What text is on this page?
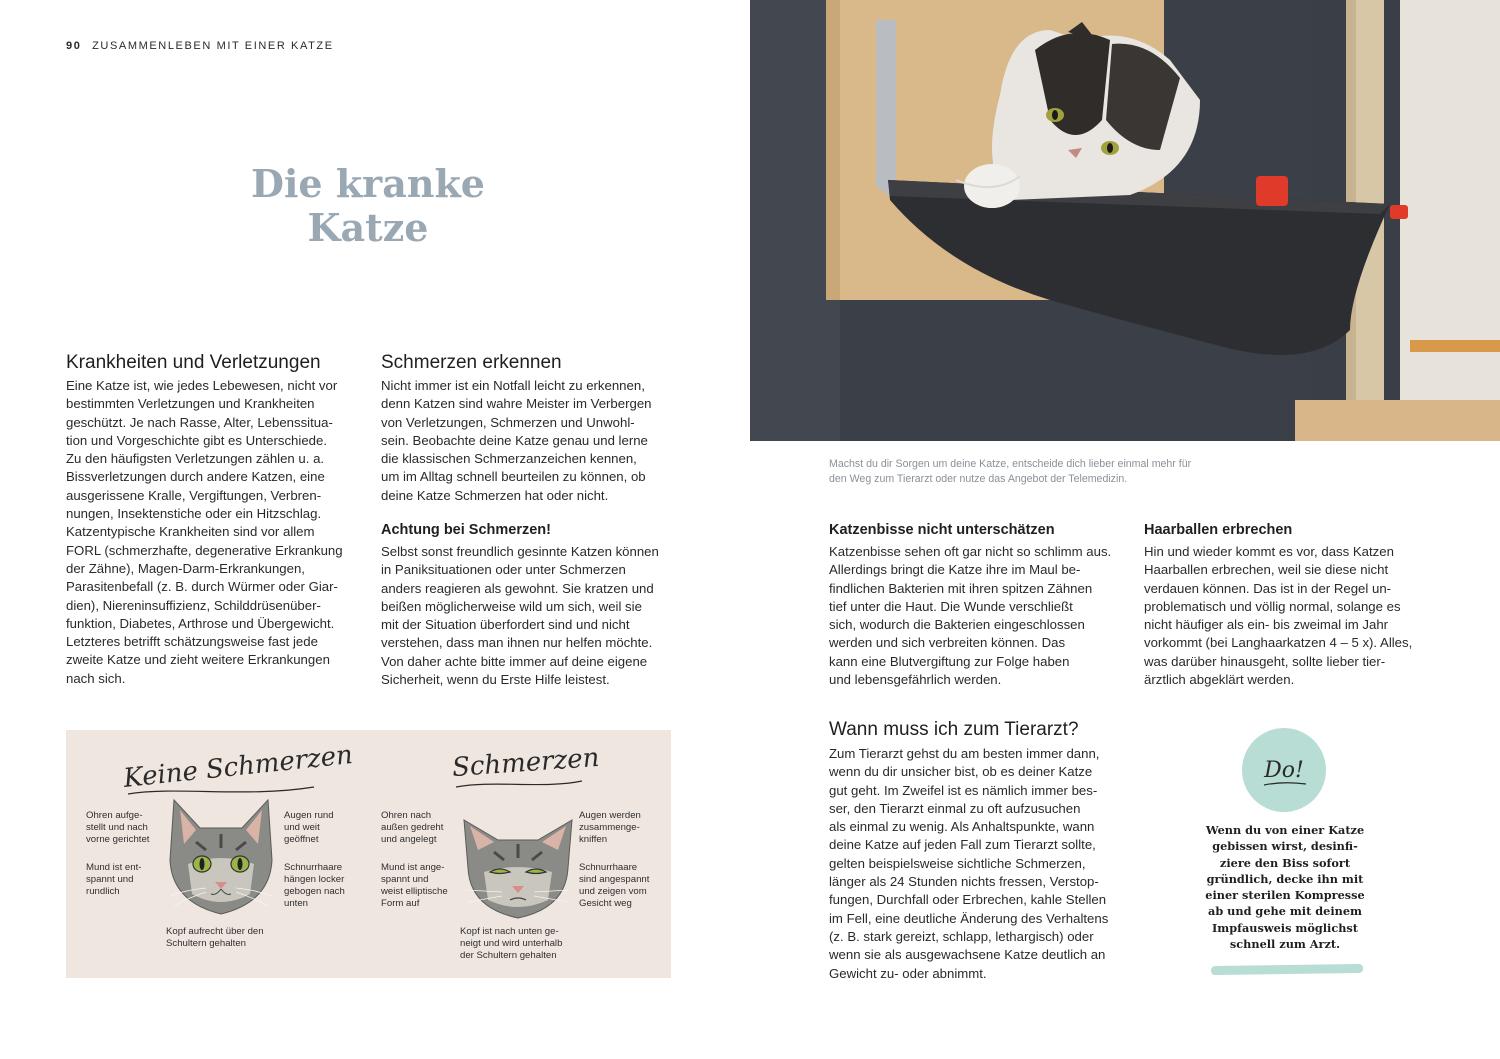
90 ZUSAMMENLEBEN MIT EINER KATZE
Die kranke
Katze
Krankheiten und Verletzungen
Eine Katze ist, wie jedes Lebewesen, nicht vor
bestimmten Verletzungen und Krankheiten
geschützt. Je nach Rasse, Alter, Lebenssitua-
tion und Vorgeschichte gibt es Unterschiede.
Zu den häufigsten Verletzungen zählen u. a.
Bissverletzungen durch andere Katzen, eine
ausgerissene Kralle, Vergiftungen, Verbren-
nungen, Insektenstiche oder ein Hitzschlag.
Katzentypische Krankheiten sind vor allem
FORL (schmerzhafte, degenerative Erkrankung
der Zähne), Magen-Darm-Erkrankungen,
Parasitenbefall (z. B. durch Würmer oder Giar-
dien), Niereninsuffizienz, Schilddrüsenüber-
funktion, Diabetes, Arthrose und Übergewicht.
Letzteres betrifft schätzungsweise fast jede
zweite Katze und zieht weitere Erkrankungen
nach sich.
Schmerzen erkennen
Nicht immer ist ein Notfall leicht zu erkennen,
denn Katzen sind wahre Meister im Verbergen
von Verletzungen, Schmerzen und Unwohl-
sein. Beobachte deine Katze genau und lerne
die klassischen Schmerzanzeichen kennen,
um im Alltag schnell beurteilen zu können, ob
deine Katze Schmerzen hat oder nicht.
Achtung bei Schmerzen!
Selbst sonst freundlich gesinnte Katzen können
in Paniksituationen oder unter Schmerzen
anders reagieren als gewohnt. Sie kratzen und
beißen möglicherweise wild um sich, weil sie
mit der Situation überfordert sind und nicht
verstehen, dass man ihnen nur helfen möchte.
Von daher achte bitte immer auf deine eigene
Sicherheit, wenn du Erste Hilfe leistest.
Keine Schmerzen
Ohren aufge-
stellt und nach
vorne gerichtet
Mund ist ent-
spannt und
rundlich
Augen rund
und weit
geöffnet
Schnurrhaare
hängen locker
gebogen nach
unten
Kopf aufrecht über den
Schultern gehalten
Schmerzen
Ohren nach
außen gedreht
und angelegt
Mund ist ange-
spannt und
weist elliptische
Form auf
Augen werden
zusammenge-
kniffen
Schnurrhaare
sind angespannt
und zeigen vom
Gesicht weg
Kopf ist nach unten ge-
neigt und wird unterhalb
der Schultern gehalten
Machst du dir Sorgen um deine Katze, entscheide dich lieber einmal mehr für
den Weg zum Tierarzt oder nutze das Angebot der Telemedizin.
Katzenbisse nicht unterschätzen
Katzenbisse sehen oft gar nicht so schlimm aus.
Allerdings bringt die Katze ihre im Maul be-
findlichen Bakterien mit ihren spitzen Zähnen
tief unter die Haut. Die Wunde verschließt
sich, wodurch die Bakterien eingeschlossen
werden und sich verbreiten können. Das
kann eine Blutvergiftung zur Folge haben
und lebensgefährlich werden.
Wann muss ich zum Tierarzt?
Zum Tierarzt gehst du am besten immer dann,
wenn du dir unsicher bist, ob es deiner Katze
gut geht. Im Zweifel ist es nämlich immer bes-
ser, den Tierarzt einmal zu oft aufzusuchen
als einmal zu wenig. Als Anhaltspunkte, wann
deine Katze auf jeden Fall zum Tierarzt sollte,
gelten beispielsweise sichtliche Schmerzen,
länger als 24 Stunden nichts fressen, Verstop-
fungen, Durchfall oder Erbrechen, kahle Stellen
im Fell, eine deutliche Änderung des Verhaltens
(z. B. stark gereizt, schlapp, lethargisch) oder
wenn sie als ausgewachsene Katze deutlich an
Gewicht zu- oder abnimmt.
Haarballen erbrechen
Hin und wieder kommt es vor, dass Katzen
Haarballen erbrechen, weil sie diese nicht
verdauen können. Das ist in der Regel un-
problematisch und völlig normal, solange es
nicht häufiger als ein- bis zweimal im Jahr
vorkommt (bei Langhaarkatzen 4 – 5 x). Alles,
was darüber hinausgeht, sollte lieber tier-
ärztlich abgeklärt werden.
Do!
Wenn du von einer Katze
gebissen wirst, desinfi-
ziere den Biss sofort
gründlich, decke ihn mit
einer sterilen Kompresse
ab und gehe mit deinem
Impfausweis möglichst
schnell zum Arzt.
